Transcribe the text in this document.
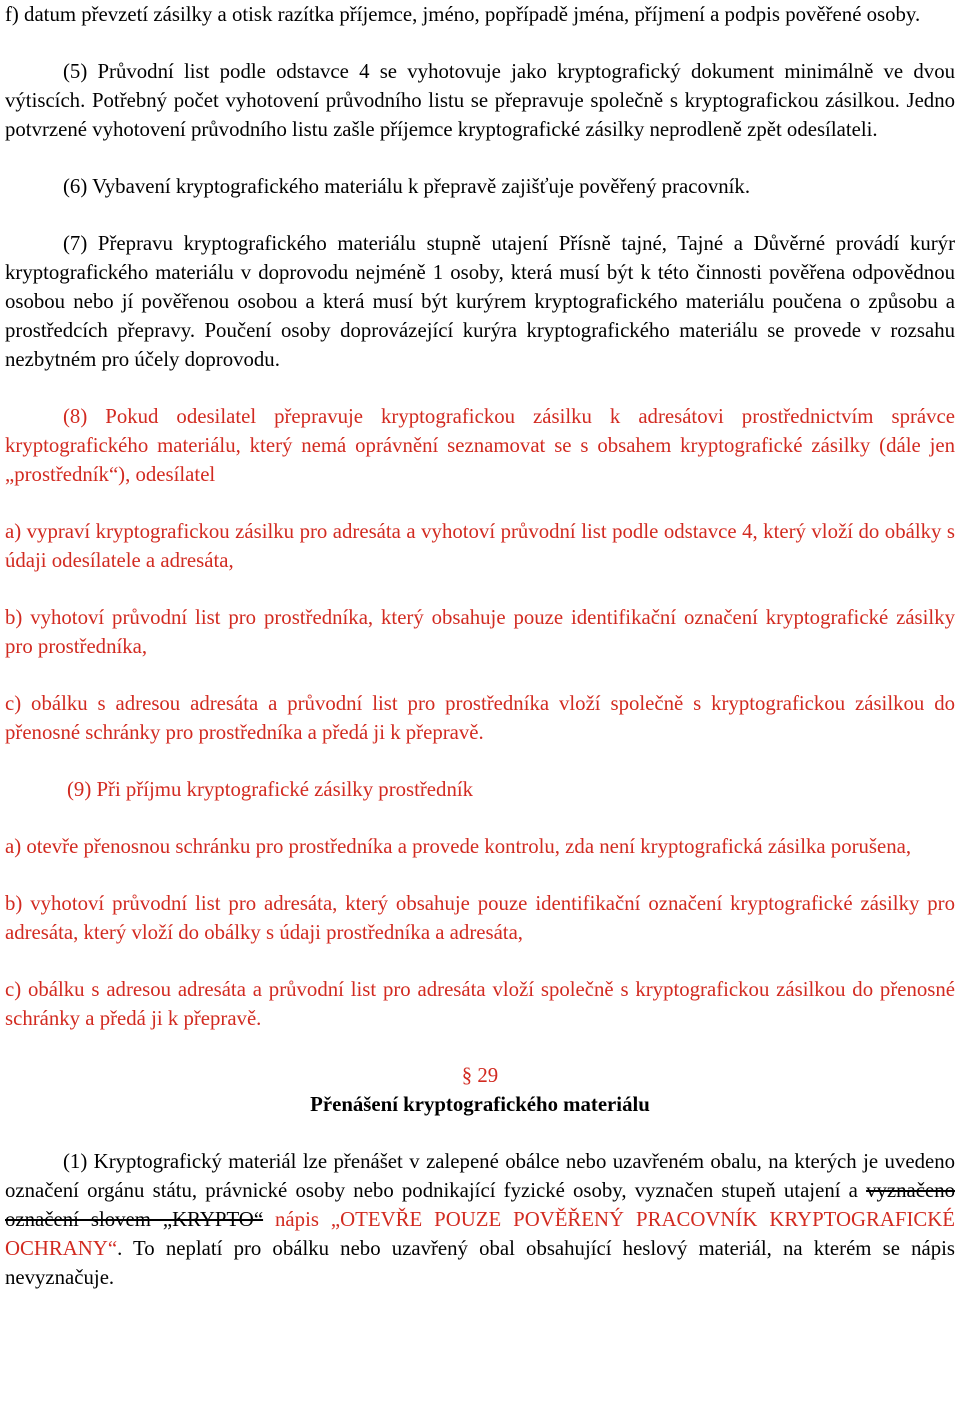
f) datum převzetí zásilky a otisk razítka příjemce, jméno, popřípadě jména, příjmení a podpis pověřené osoby.

(5) Průvodní list podle odstavce 4 se vyhotovuje jako kryptografický dokument minimálně ve dvou výtiscích. Potřebný počet vyhotovení průvodního listu se přepravuje společně s kryptografickou zásilkou. Jedno potvrzené vyhotovení průvodního listu zašle příjemce kryptografické zásilky neprodleně zpět odesílateli.

(6) Vybavení kryptografického materiálu k přepravě zajišťuje pověřený pracovník.

(7) Přepravu kryptografického materiálu stupně utajení Přísně tajné, Tajné a Důvěrné provádí kurýr kryptografického materiálu v doprovodu nejméně 1 osoby, která musí být k této činnosti pověřena odpovědnou osobou nebo jí pověřenou osobou a která musí být kurýrem kryptografického materiálu poučena o způsobu a prostředcích přepravy. Poučení osoby doprovázející kurýra kryptografického materiálu se provede v rozsahu nezbytném pro účely doprovodu.

(8) Pokud odesilatel přepravuje kryptografickou zásilku k adresátovi prostřednictvím správce kryptografického materiálu, který nemá oprávnění seznamovat se s obsahem kryptografické zásilky (dále jen „prostředník“), odesílatel

a) vypraví kryptografickou zásilku pro adresáta a vyhotoví průvodní list podle odstavce 4, který vloží do obálky s údaji odesílatele a adresáta,

b) vyhotoví průvodní list pro prostředníka, který obsahuje pouze identifikační označení kryptografické zásilky pro prostředníka,

c) obálku s adresou adresáta a průvodní list pro prostředníka vloží společně s kryptografickou zásilkou do přenosné schránky pro prostředníka a předá ji k přepravě.

(9) Při příjmu kryptografické zásilky prostředník

a) otevře přenosnou schránku pro prostředníka a provede kontrolu, zda není kryptografická zásilka porušena,

b) vyhotoví průvodní list pro adresáta, který obsahuje pouze identifikační označení kryptografické zásilky pro adresáta, který vloží do obálky s údaji prostředníka a adresáta,

c) obálku s adresou adresáta a průvodní list pro adresáta vloží společně s kryptografickou zásilkou do přenosné schránky a předá ji k přepravě.

§ 29

Přenášení kryptografického materiálu

(1) Kryptografický materiál lze přenášet v zalepené obálce nebo uzavřeném obalu, na kterých je uvedeno označení orgánu státu, právnické osoby nebo podnikající fyzické osoby, vyznačen stupeň utajení a vyznačeno označení slovem „KRYPTO“ nápis „OTEVŘE POUZE POVĚŘENÝ PRACOVNÍK KRYPTOGRAFICKÉ OCHRANY“. To neplatí pro obálku nebo uzavřený obal obsahující heslový materiál, na kterém se nápis nevyznačuje.
